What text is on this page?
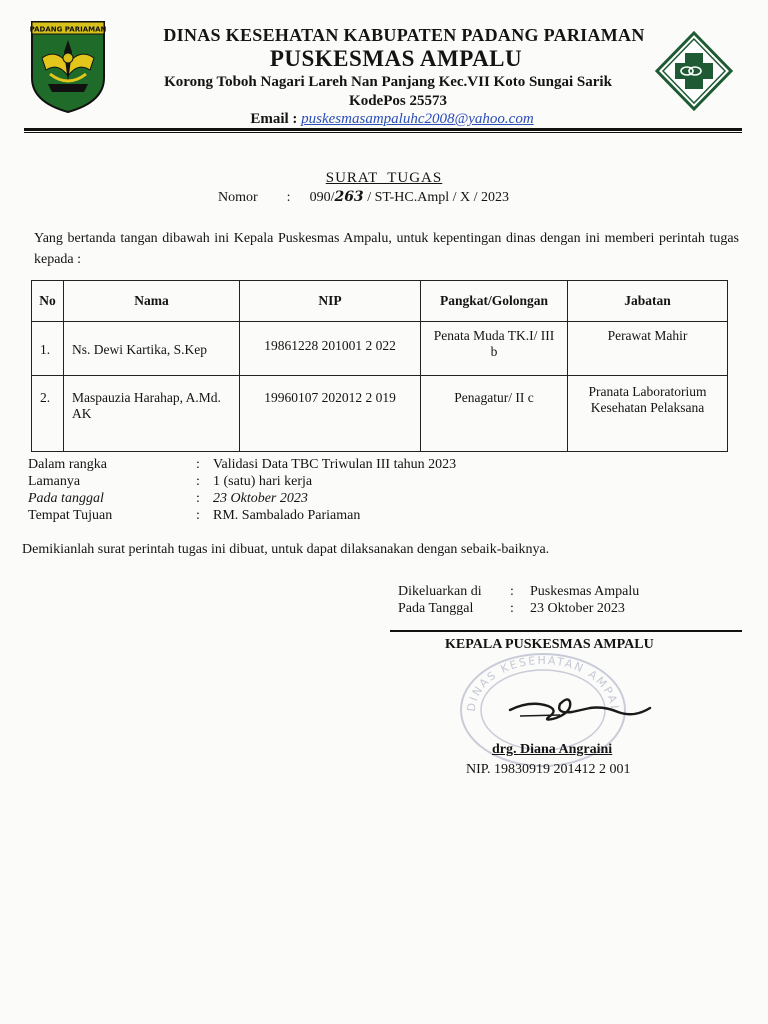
PADANG PARIAMAN	DINAS KESEHATAN KABUPATEN PADANG PARIAMAN
PUSKESMAS AMPALU
Korong Toboh Nagari Lareh Nan Panjang Kec.VII Koto Sungai Sarik
KodePos 25573
Email : puskesmasampaluhc2008@yahoo.com
SURAT  TUGAS
Nomor : 090/263 / ST-HC.Ampl / X / 2023
Yang bertanda tangan dibawah ini Kepala Puskesmas Ampalu, untuk kepentingan dinas dengan ini memberi perintah tugas kepada :
No	Nama	NIP	Pangkat/Golongan	Jabatan
1.	Ns. Dewi Kartika, S.Kep	19861228 201001 2 022	Penata Muda TK.I/ III b	Perawat Mahir
2.	Maspauzia Harahap, A.Md. AK	19960107 202012 2 019	Penagatur/ II c	Pranata Laboratorium Kesehatan Pelaksana
Dalam rangka	: Validasi Data TBC Triwulan III tahun 2023
Lamanya	: 1 (satu) hari kerja
Pada tanggal	: 23 Oktober 2023
Tempat Tujuan	: RM. Sambalado Pariaman
Demikianlah surat perintah tugas ini dibuat, untuk dapat dilaksanakan dengan sebaik-baiknya.
Dikeluarkan di : Puskesmas Ampalu
Pada Tanggal	: 23 Oktober 2023
KEPALA PUSKESMAS AMPALU
DINAS KESEHATAN AMPAL
drg. Diana Angraini
NIP. 19830919 201412 2 001
